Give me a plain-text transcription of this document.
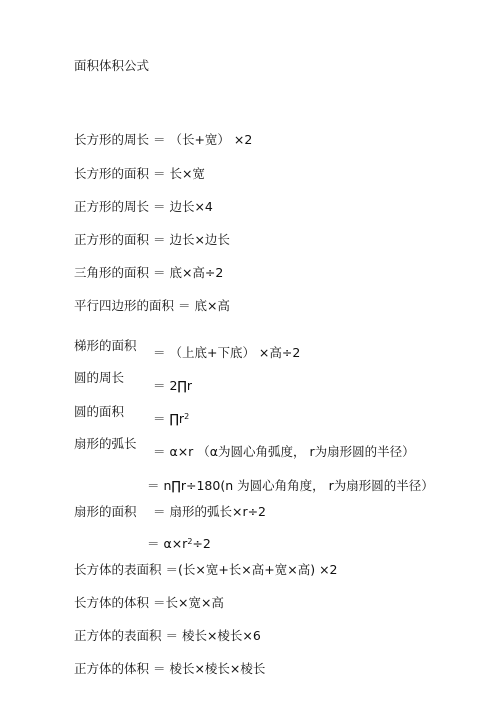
面积体积公式
长方形的周长 ＝ （长+宽） ×2
长方形的面积 ＝ 长×宽
正方形的周长 ＝ 边长×4
正方形的面积 ＝ 边长×边长
三角形的面积 ＝ 底×高÷2
平行四边形的面积 ＝ 底×高
梯形的面积 ＝ （上底+下底） ×高÷2
圆的周长
＝ 2∏r
圆的面积 ＝ $\prod r^2$
扇形的弧长
＝ α×r （α为圆心角弧度， r为扇形圆的半径）
＝ n∏r÷180(n 为圆心角角度， r为扇形圆的半径）
扇形的面积 ＝ 扇形的弧长×r÷2
＝ $\alpha\times r^2\div 2$
长方体的表面积 ＝(长×宽+长×高+宽×高) ×2
长方体的体积 ＝长×宽×高
正方体的表面积 ＝ 棱长×棱长×6
正方体的体积 ＝ 棱长×棱长×棱长
